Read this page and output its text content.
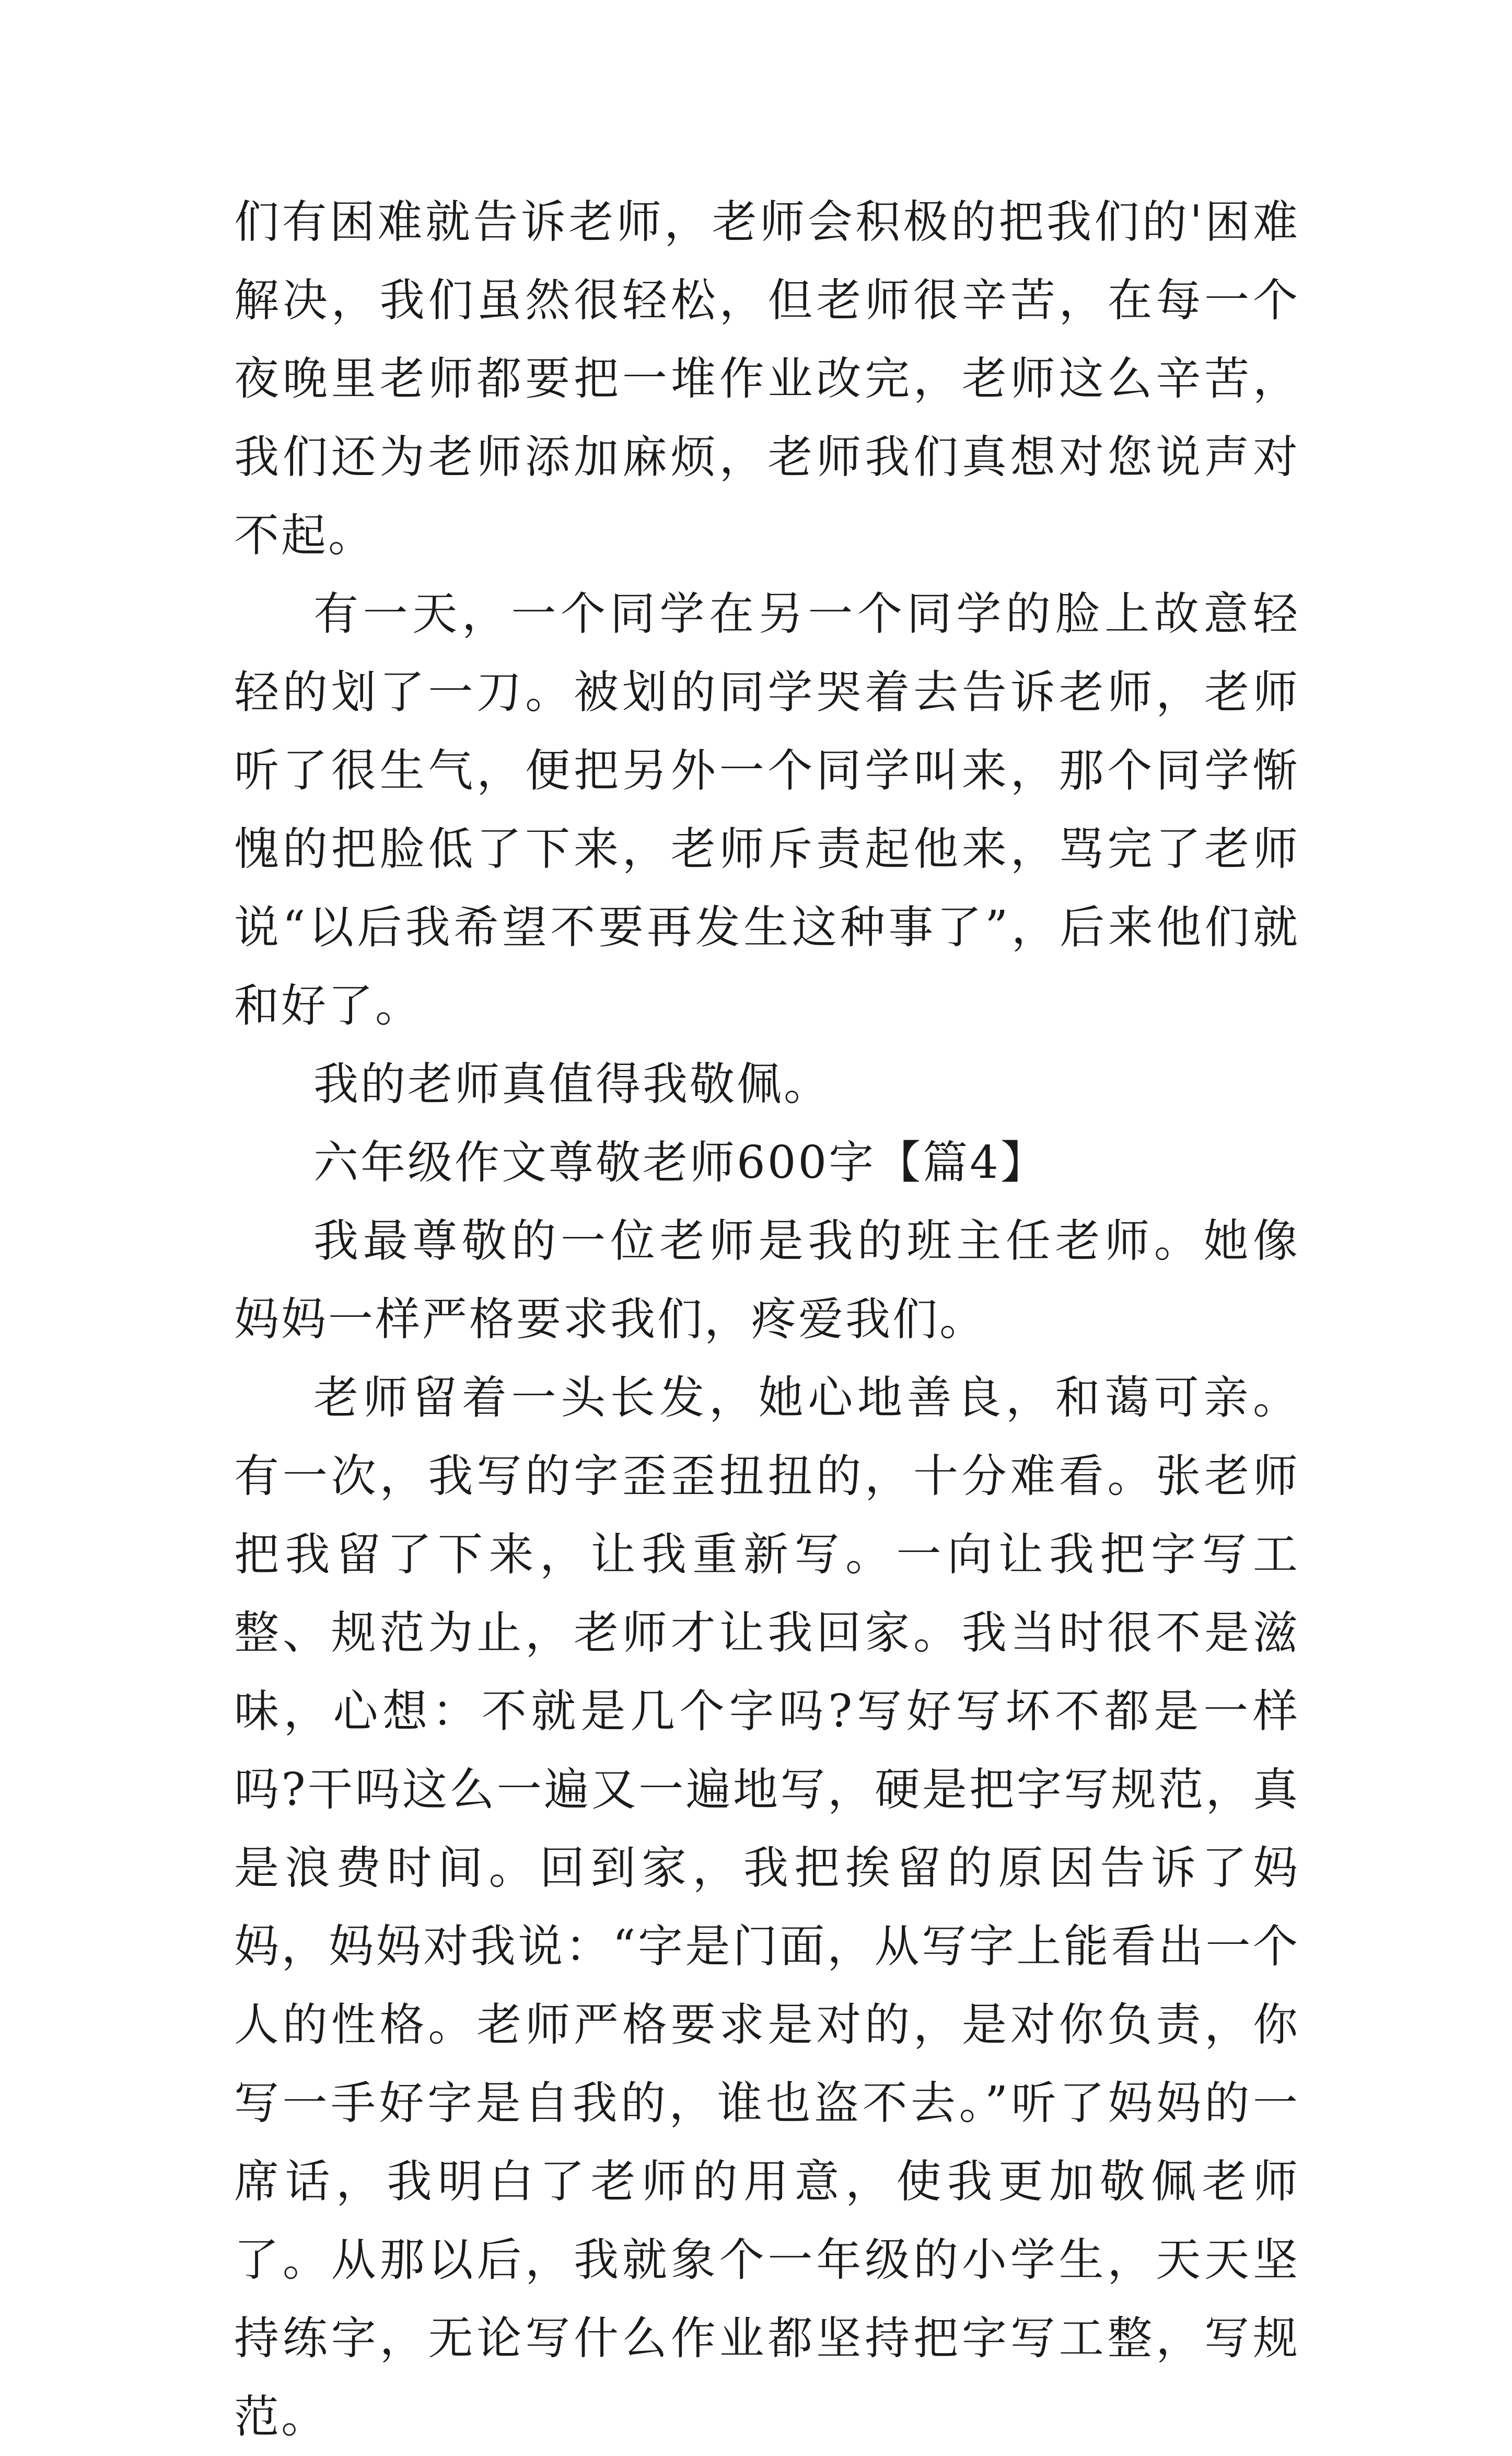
们有困难就告诉老师，老师会积极的把我们的'困难解决，我们虽然很轻松，但老师很辛苦，在每一个夜晚里老师都要把一堆作业改完，老师这么辛苦，我们还为老师添加麻烦，老师我们真想对您说声对不起。

有一天，一个同学在另一个同学的脸上故意轻轻的划了一刀。被划的同学哭着去告诉老师，老师听了很生气，便把另外一个同学叫来，那个同学惭愧的把脸低了下来，老师斥责起他来，骂完了老师说“以后我希望不要再发生这种事了”，后来他们就和好了。

我的老师真值得我敬佩。

六年级作文尊敬老师600字【篇4】

我最尊敬的一位老师是我的班主任老师。她像妈妈一样严格要求我们，疼爱我们。

老师留着一头长发，她心地善良，和蔼可亲。有一次，我写的字歪歪扭扭的，十分难看。张老师把我留了下来，让我重新写。一向让我把字写工整、规范为止，老师才让我回家。我当时很不是滋味，心想：不就是几个字吗?写好写坏不都是一样吗?干吗这么一遍又一遍地写，硬是把字写规范，真是浪费时间。回到家，我把挨留的原因告诉了妈妈，妈妈对我说：“字是门面，从写字上能看出一个人的性格。老师严格要求是对的，是对你负责，你写一手好字是自我的，谁也盗不去。”听了妈妈的一席话，我明白了老师的用意，使我更加敬佩老师了。从那以后，我就象个一年级的小学生，天天坚持练字，无论写什么作业都坚持把字写工整，写规范。
